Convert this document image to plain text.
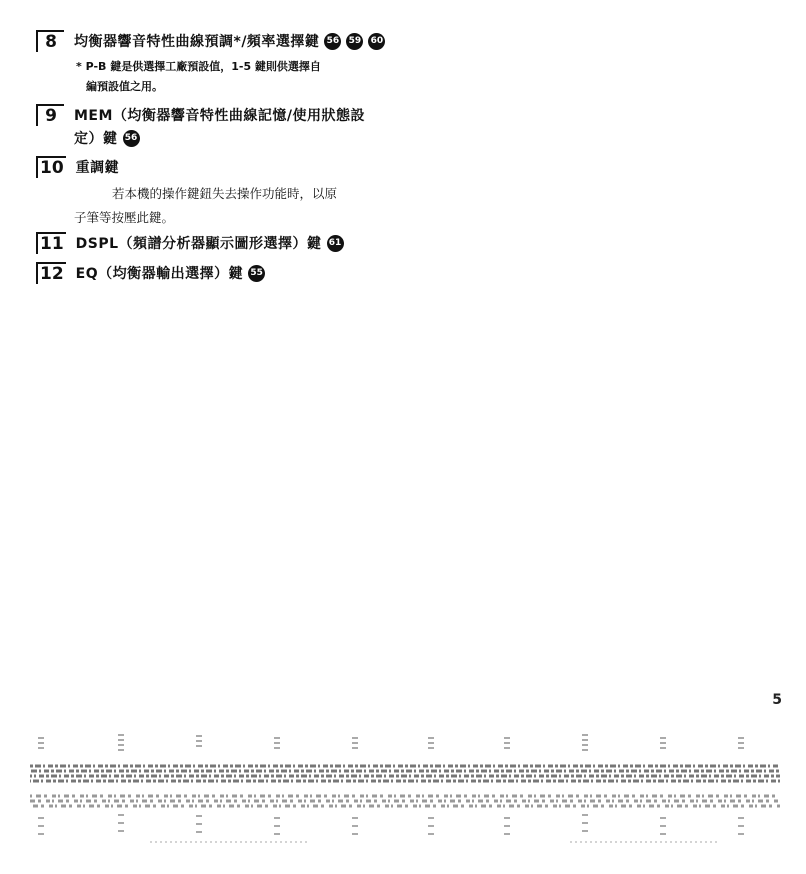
8	均衡器響音特性曲線預調*/頻率選擇鍵 56 59 60
* P-B 鍵是供選擇工廠預設值，1-5 鍵則供選擇自
編預設值之用。
9	MEM（均衡器響音特性曲線記憶/使用狀態設
定）鍵 56
10 重調鍵
若本機的操作鍵鈕失去操作功能時，以原
子筆等按壓此鍵。
11 DSPL（頻譜分析器顯示圖形選擇）鍵 61
12 EQ（均衡器輸出選擇）鍵 55
5
